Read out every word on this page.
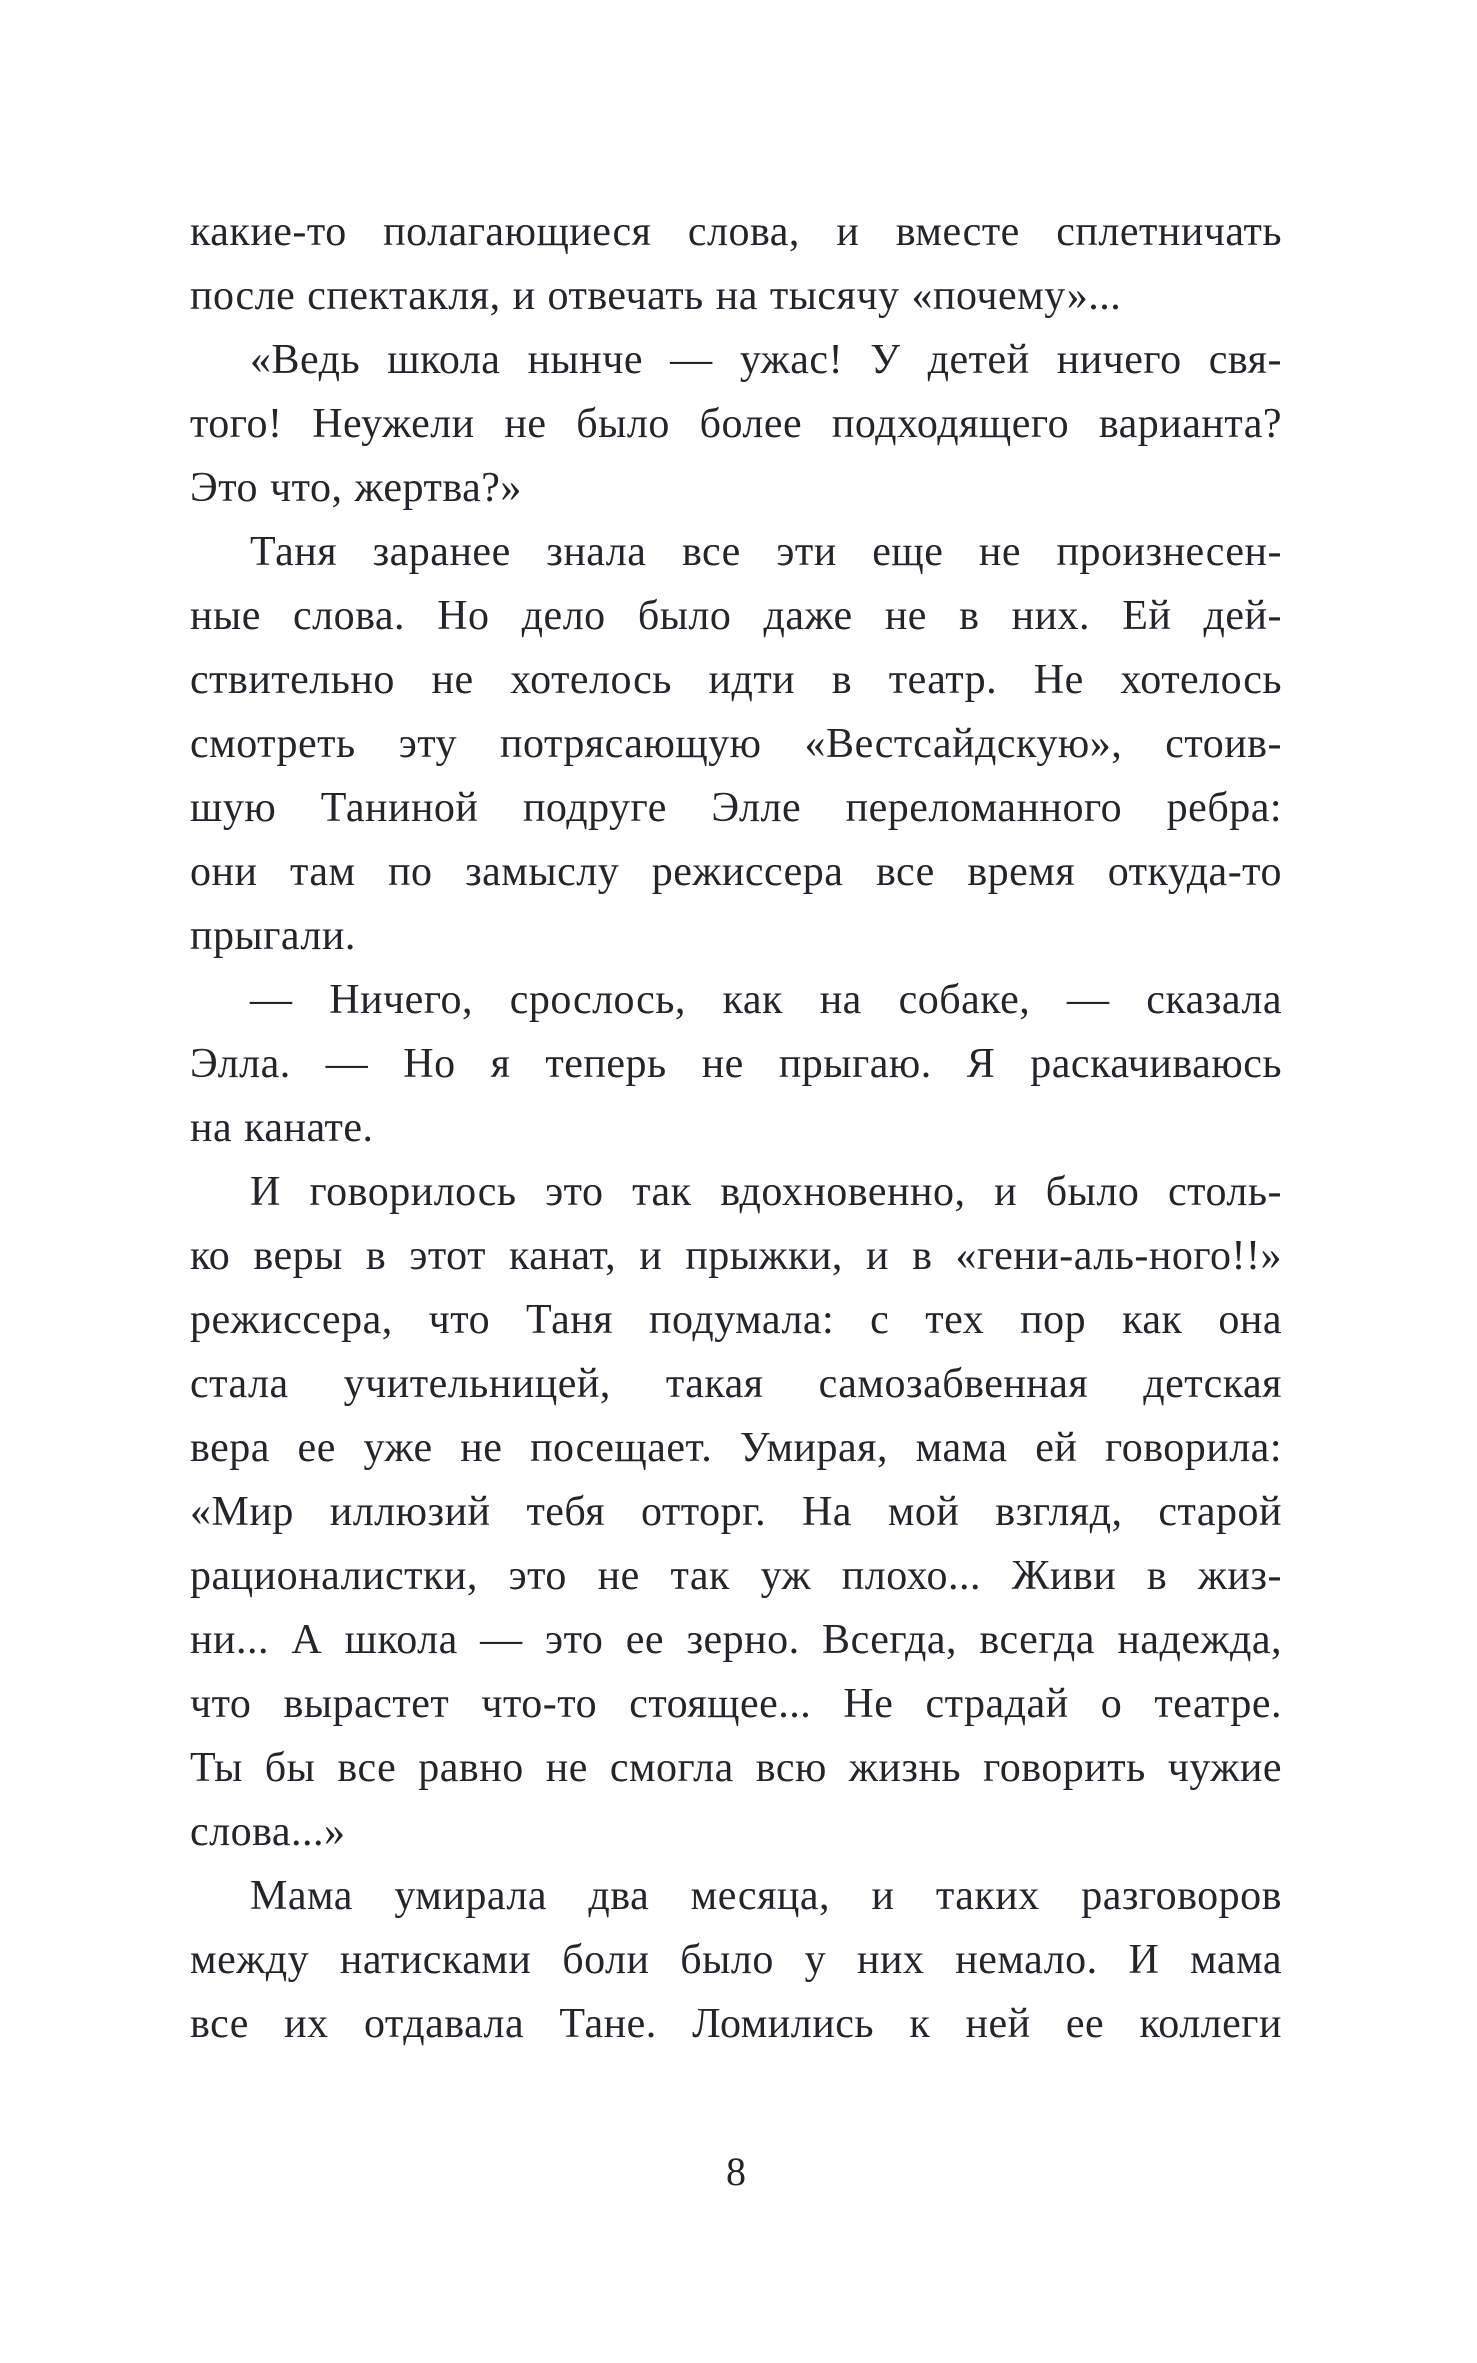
какие-то полагающиеся слова, и вместе сплетничать
после спектакля, и отвечать на тысячу «почему»...
«Ведь школа нынче — ужас! У детей ничего свя-
того! Неужели не было более подходящего варианта?
Это что, жертва?»
Таня заранее знала все эти еще не произнесен-
ные слова. Но дело было даже не в них. Ей дей-
ствительно не хотелось идти в театр. Не хотелось
смотреть эту потрясающую «Вестсайдскую», стоив-
шую Таниной подруге Элле переломанного ребра:
они там по замыслу режиссера все время откуда-то
прыгали.
— Ничего, срослось, как на собаке, — сказала
Элла. — Но я теперь не прыгаю. Я раскачиваюсь
на канате.
И говорилось это так вдохновенно, и было столь-
ко веры в этот канат, и прыжки, и в «гени-аль-ного!!»
режиссера, что Таня подумала: с тех пор как она
стала учительницей, такая самозабвенная детская
вера ее уже не посещает. Умирая, мама ей говорила:
«Мир иллюзий тебя отторг. На мой взгляд, старой
рационалистки, это не так уж плохо... Живи в жиз-
ни... А школа — это ее зерно. Всегда, всегда надежда,
что вырастет что-то стоящее... Не страдай о театре.
Ты бы все равно не смогла всю жизнь говорить чужие
слова...»
Мама умирала два месяца, и таких разговоров
между натисками боли было у них немало. И мама
все их отдавала Тане. Ломились к ней ее коллеги
8
